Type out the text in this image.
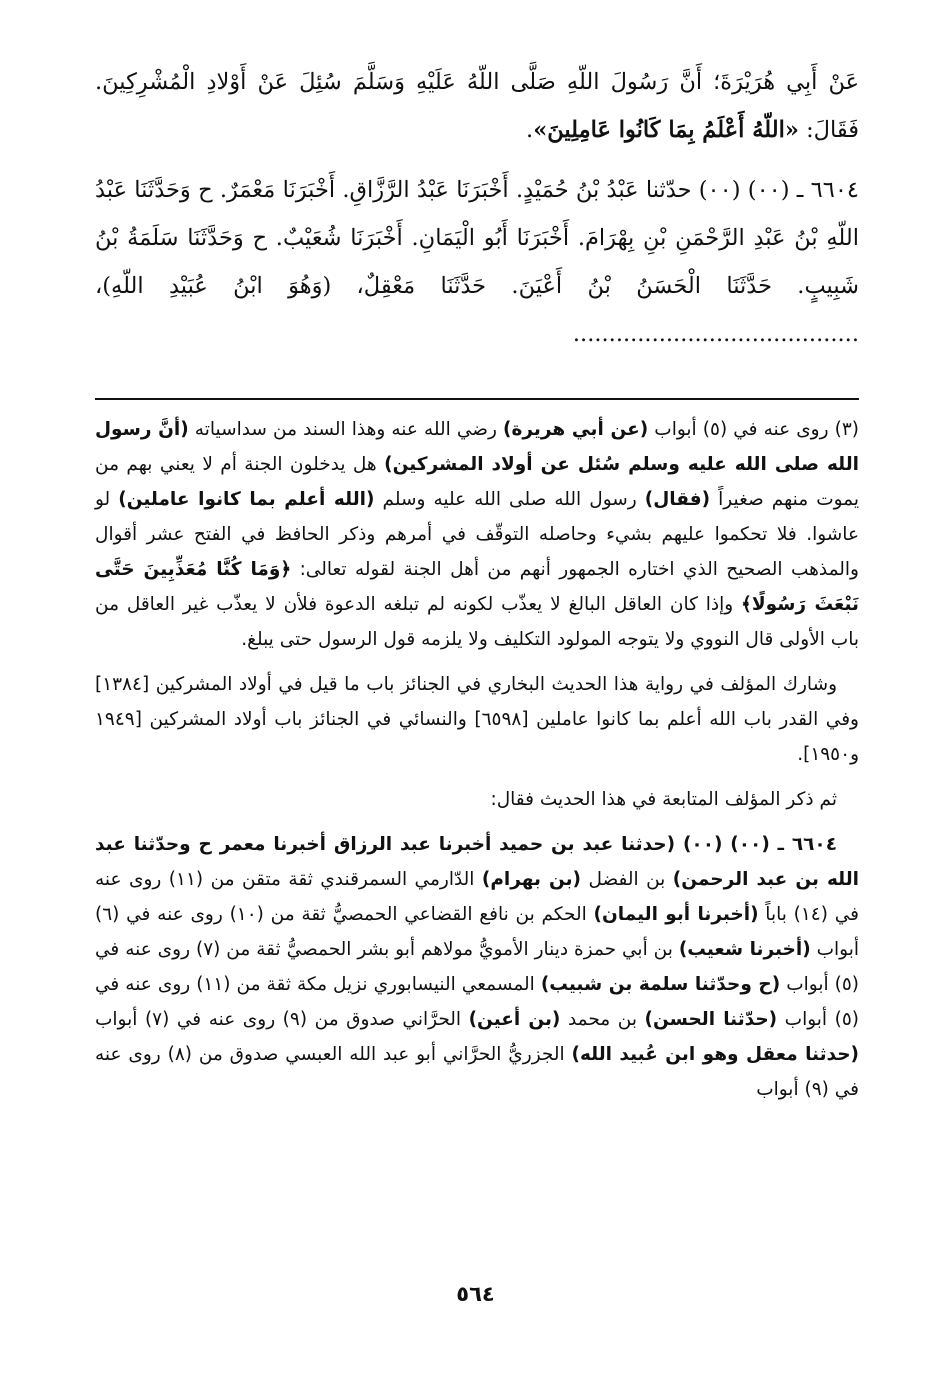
عَنْ أَبِي هُرَيْرَةَ؛ أَنَّ رَسُولَ اللّهِ صَلَّى اللّهُ عَلَيْهِ وَسَلَّمَ سُئِلَ عَنْ أَوْلادِ الْمُشْرِكِينَ. فَقَالَ: «اللّهُ أَعْلَمُ بِمَا كَانُوا عَامِلِينَ».

٦٦٠٤ ـ (٠٠) (٠٠) حدّثنا عَبْدُ بْنُ حُمَيْدٍ. أَخْبَرَنَا عَبْدُ الرَّزَّاقِ. أَخْبَرَنَا مَعْمَرٌ. ح وَحَدَّثَنَا عَبْدُ اللّهِ بْنُ عَبْدِ الرَّحْمَنِ بْنِ بِهْرَامَ. أَخْبَرَنَا أَبُو الْيَمَانِ. أَخْبَرَنَا شُعَيْبٌ. ح وَحَدَّثَنَا سَلَمَةُ بْنُ شَبِيبٍ. حَدَّثَنَا الْحَسَنُ بْنُ أَعْيَنَ. حَدَّثَنَا مَعْقِلٌ، (وَهُوَ ابْنُ عُبَيْدِ اللّهِ)، ........................................

(٣) روى عنه في (٥) أبواب (عن أبي هريرة) رضي الله عنه وهذا السند من سداسياته (أنَّ رسول الله صلى الله عليه وسلم سُئل عن أولاد المشركين) هل يدخلون الجنة أم لا يعني بهم من يموت منهم صغيراً (فقال) رسول الله صلى الله عليه وسلم (الله أعلم بما كانوا عاملين) لو عاشوا. فلا تحكموا عليهم بشيء وحاصله التوقّف في أمرهم وذكر الحافظ في الفتح عشر أقوال والمذهب الصحيح الذي اختاره الجمهور أنهم من أهل الجنة لقوله تعالى: ﴿وَمَا كُنَّا مُعَذِّبِينَ حَتَّى نَبْعَثَ رَسُولًا﴾ وإذا كان العاقل البالغ لا يعذّب لكونه لم تبلغه الدعوة فلأن لا يعذّب غير العاقل من باب الأولى قال النووي ولا يتوجه المولود التكليف ولا يلزمه قول الرسول حتى يبلغ.

وشارك المؤلف في رواية هذا الحديث البخاري في الجنائز باب ما قيل في أولاد المشركين [١٣٨٤] وفي القدر باب الله أعلم بما كانوا عاملين [٦٥٩٨] والنسائي في الجنائز باب أولاد المشركين [١٩٤٩ و١٩٥٠].

ثم ذكر المؤلف المتابعة في هذا الحديث فقال:

٦٦٠٤ ـ (٠٠) (٠٠) (حدثنا عبد بن حميد أخبرنا عبد الرزاق أخبرنا معمر ح وحدّثنا عبد الله بن عبد الرحمن) بن الفضل (بن بهرام) الدّارمي السمرقندي ثقة متقن من (١١) روى عنه في (١٤) باباً (أخبرنا أبو اليمان) الحكم بن نافع القضاعي الحمصيُّ ثقة من (١٠) روى عنه في (٦) أبواب (أخبرنا شعيب) بن أبي حمزة دينار الأمويُّ مولاهم أبو بشر الحمصيُّ ثقة من (٧) روى عنه في (٥) أبواب (ح وحدّثنا سلمة بن شبيب) المسمعي النيسابوري نزيل مكة ثقة من (١١) روى عنه في (٥) أبواب (حدّثنا الحسن) بن محمد (بن أعين) الحرَّاني صدوق من (٩) روى عنه في (٧) أبواب (حدثنا معقل وهو ابن عُبيد الله) الجزريُّ الحرَّاني أبو عبد الله العبسي صدوق من (٨) روى عنه في (٩) أبواب

٥٦٤
